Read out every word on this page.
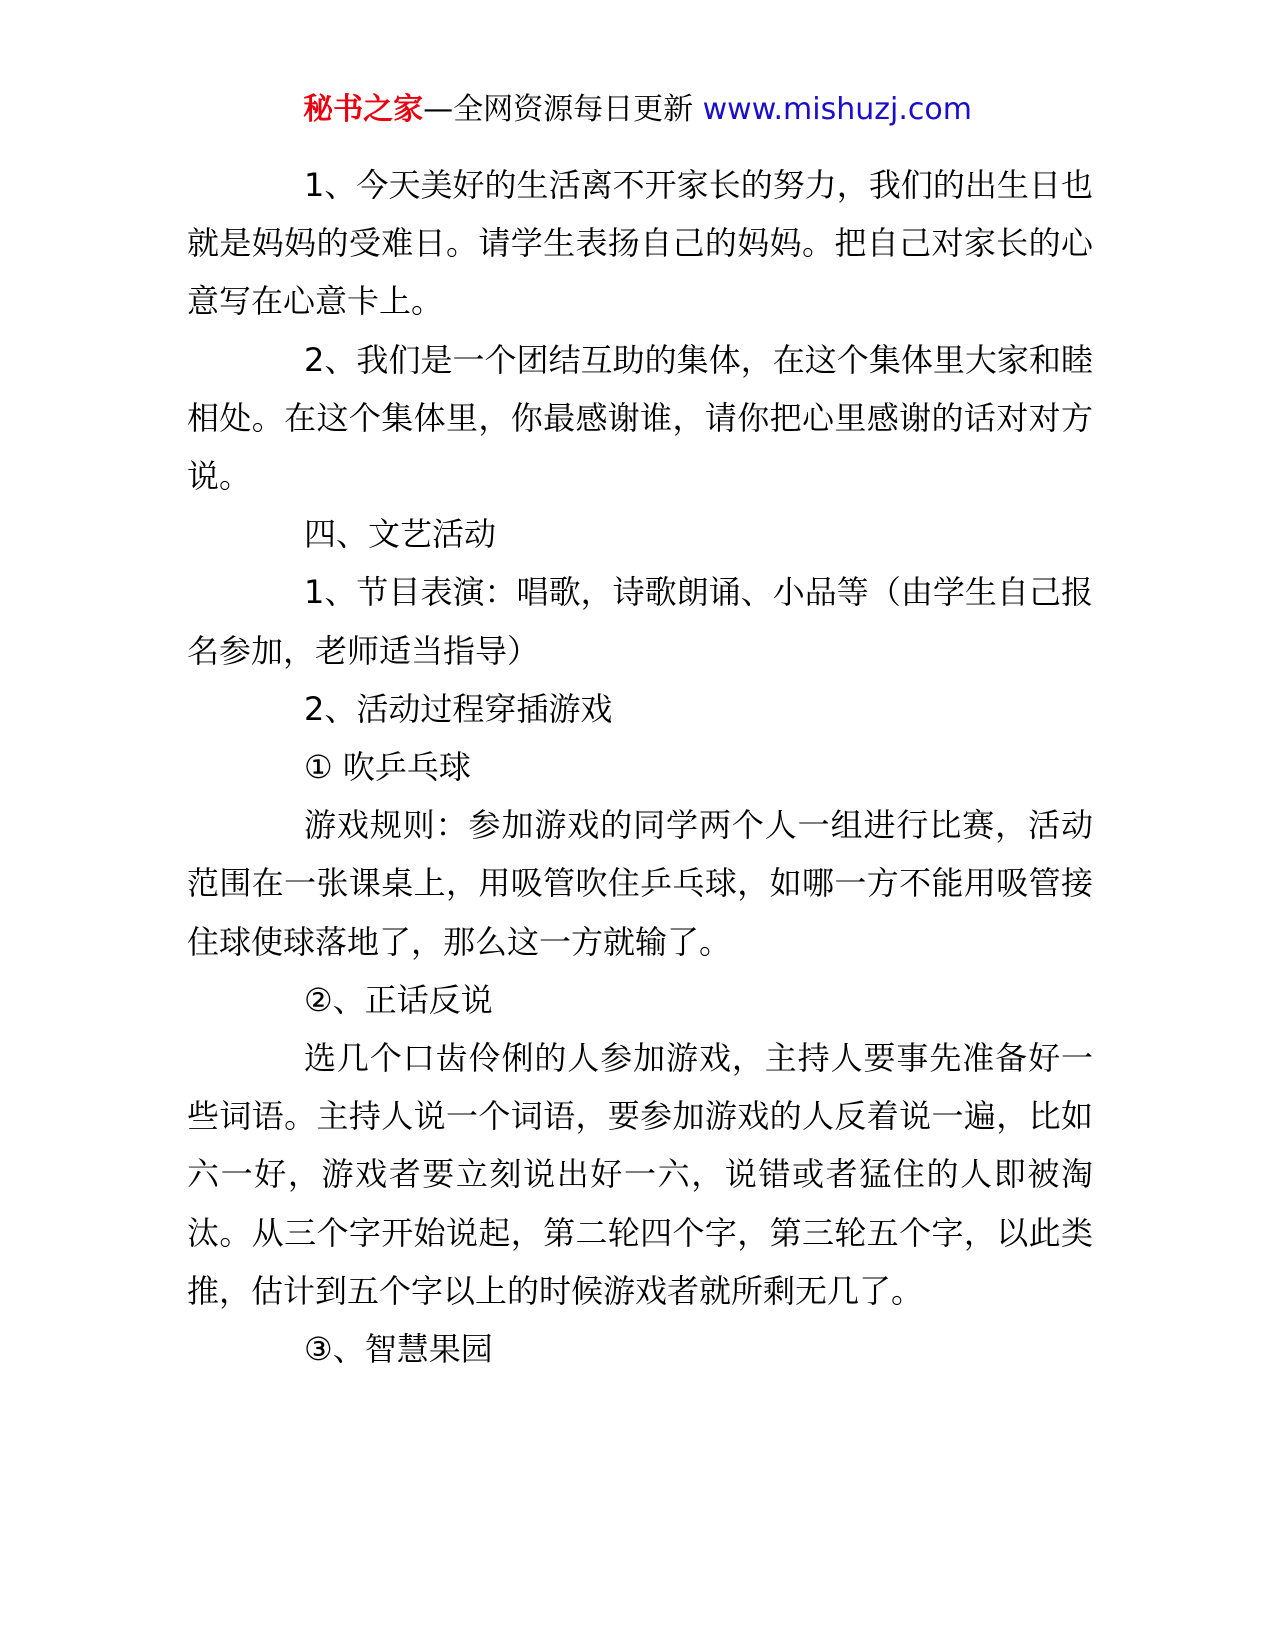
秘书之家—全网资源每日更新 www.mishuzj.com

1、今天美好的生活离不开家长的努力，我们的出生日也就是妈妈的受难日。请学生表扬自己的妈妈。把自己对家长的心意写在心意卡上。

2、我们是一个团结互助的集体，在这个集体里大家和睦相处。在这个集体里，你最感谢谁，请你把心里感谢的话对对方说。

四、文艺活动

1、节目表演：唱歌，诗歌朗诵、小品等（由学生自己报名参加，老师适当指导）

2、活动过程穿插游戏

① 吹乒乓球

游戏规则：参加游戏的同学两个人一组进行比赛，活动范围在一张课桌上，用吸管吹住乒乓球，如哪一方不能用吸管接住球使球落地了，那么这一方就输了。

②、正话反说

选几个口齿伶俐的人参加游戏，主持人要事先准备好一些词语。主持人说一个词语，要参加游戏的人反着说一遍，比如六一好，游戏者要立刻说出好一六，说错或者猛住的人即被淘汰。从三个字开始说起，第二轮四个字，第三轮五个字，以此类推，估计到五个字以上的时候游戏者就所剩无几了。

③、智慧果园
